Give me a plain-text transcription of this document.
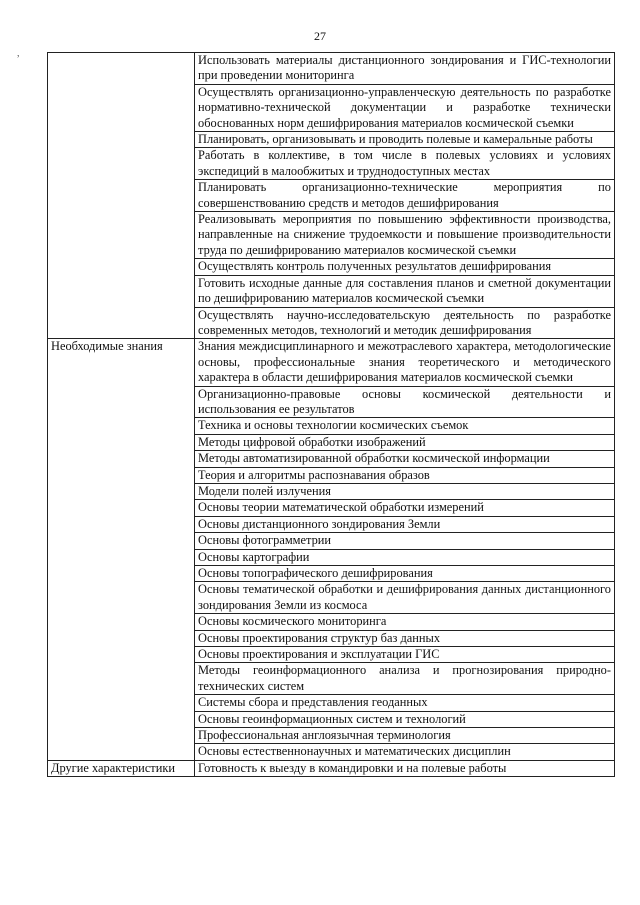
27
,
		Использовать материалы дистанционного зондирования и ГИС-технологии при проведении мониторинга
	Осуществлять организационно-управленческую деятельность по разработке нормативно-технической документации и разработке технически обоснованных норм дешифрирования материалов космической съемки
	Планировать, организовывать и проводить полевые и камеральные работы
	Работать в коллективе, в том числе в полевых условиях и условиях экспедиций в малообжитых и труднодоступных местах
	Планировать организационно-технические мероприятия по совершенствованию средств и методов дешифрирования
	Реализовывать мероприятия по повышению эффективности производства, направленные на снижение трудоемкости и повышение производительности труда по дешифрированию материалов космической съемки
	Осуществлять контроль полученных результатов дешифрирования
	Готовить исходные данные для составления планов и сметной документации по дешифрированию материалов космической съемки
	Осуществлять научно-исследовательскую деятельность по разработке современных методов, технологий и методик дешифрирования
Необходимые знания	Знания междисциплинарного и межотраслевого характера, методологические основы, профессиональные знания теоретического и методического характера в области дешифрирования материалов космической съемки
	Организационно-правовые основы космической деятельности и использования ее результатов
	Техника и основы технологии космических съемок
	Методы цифровой обработки изображений
	Методы автоматизированной обработки космической информации
	Теория и алгоритмы распознавания образов
	Модели полей излучения
	Основы теории математической обработки измерений
	Основы дистанционного зондирования Земли
	Основы фотограмметрии
	Основы картографии
	Основы топографического дешифрирования
	Основы тематической обработки и дешифрирования данных дистанционного зондирования Земли из космоса
	Основы космического мониторинга
	Основы проектирования структур баз данных
	Основы проектирования и эксплуатации ГИС
	Методы геоинформационного анализа и прогнозирования природно-технических систем
	Системы сбора и представления геоданных
	Основы геоинформационных систем и технологий
	Профессиональная англоязычная терминология
	Основы естественнонаучных и математических дисциплин
Другие характеристики	Готовность к выезду в командировки и на полевые работы
